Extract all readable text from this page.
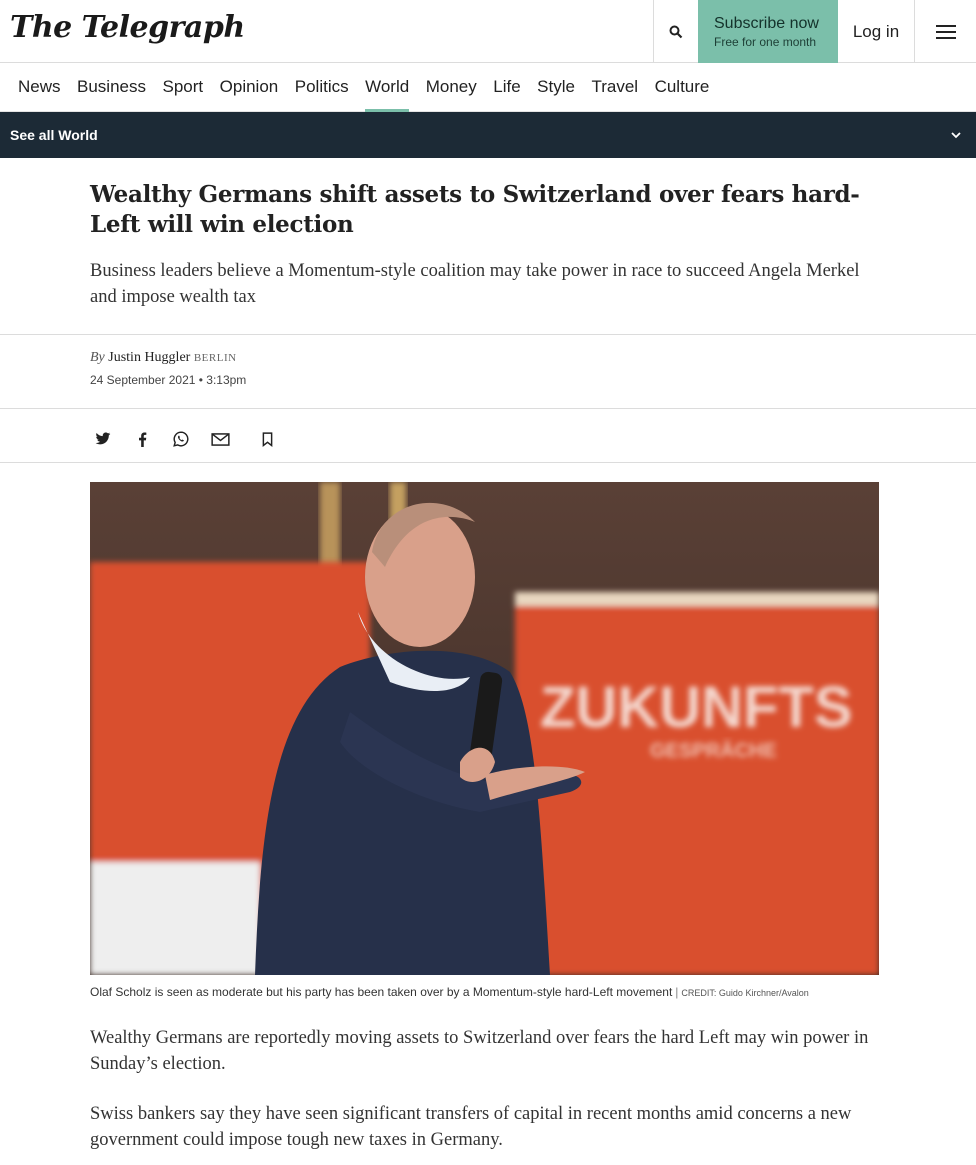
The Telegraph	Subscribe now
Free for one month
Log in
News Business Sport Opinion Politics World Money Life Style Travel Culture
See all World
Wealthy Germans shift assets to Switzerland over fears hard-Left will win election

Business leaders believe a Momentum-style coalition may take power in race to succeed Angela Merkel and impose wealth tax

By Justin Huggler BERLIN
24 September 2021 • 3:13pm
ZUKUNFTS
GESPRÄCHE
Olaf Scholz is seen as moderate but his party has been taken over by a Momentum-style hard-Left movement | CREDIT: Guido Kirchner/Avalon

Wealthy Germans are reportedly moving assets to Switzerland over fears the hard Left may win power in Sunday’s election.

Swiss bankers say they have seen significant transfers of capital in recent months amid concerns a new government could impose tough new taxes in Germany.
